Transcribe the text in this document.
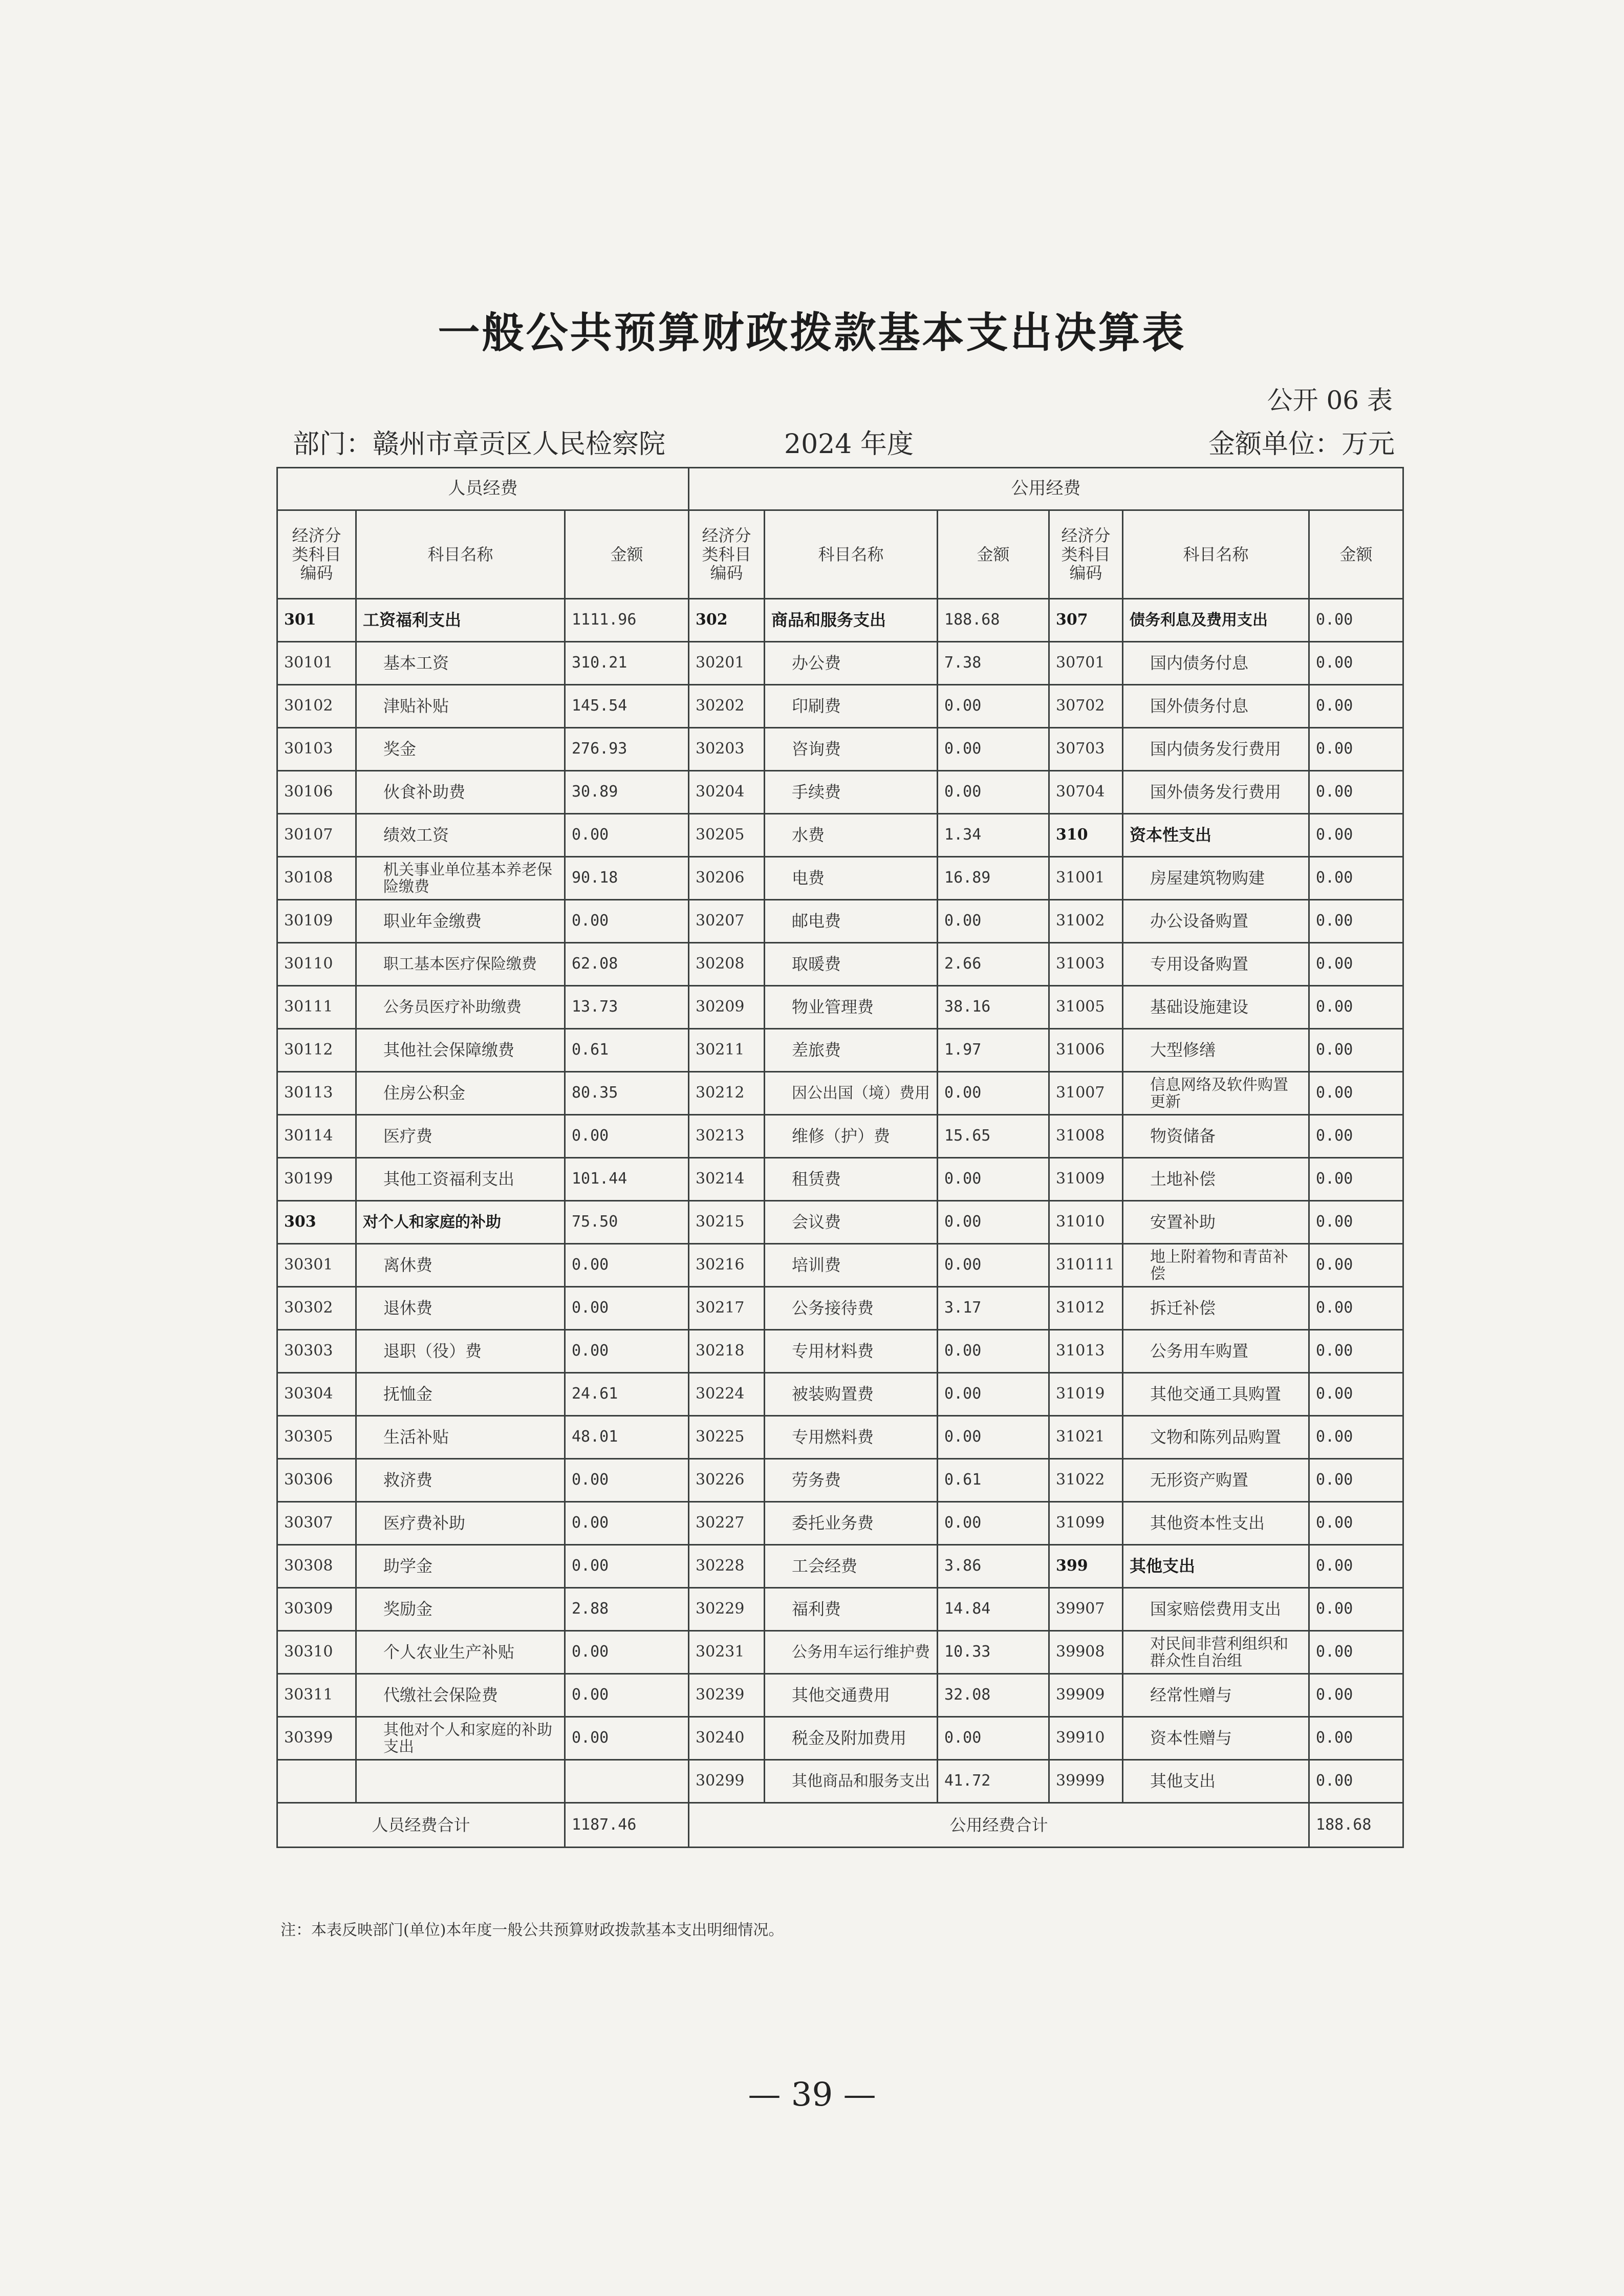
一般公共预算财政拨款基本支出决算表
公开 06 表
部门：赣州市章贡区人民检察院	2024 年度	金额单位：万元
人员经费			公用经费					
经济分类科目编码	科目名称	金额	经济分类科目编码	科目名称	金额	经济分类科目编码	科目名称	金额
301	工资福利支出	1111.96	302	商品和服务支出	188.68	307	债务利息及费用支出	0.00
30101	基本工资	310.21	30201	办公费	7.38	30701	国内债务付息	0.00
30102	津贴补贴	145.54	30202	印刷费	0.00	30702	国外债务付息	0.00
30103	奖金	276.93	30203	咨询费	0.00	30703	国内债务发行费用	0.00
30106	伙食补助费	30.89	30204	手续费	0.00	30704	国外债务发行费用	0.00
30107	绩效工资	0.00	30205	水费	1.34	310	资本性支出	0.00
30108	机关事业单位基本养老保险缴费	90.18	30206	电费	16.89	31001	房屋建筑物购建	0.00
30109	职业年金缴费	0.00	30207	邮电费	0.00	31002	办公设备购置	0.00
30110	职工基本医疗保险缴费	62.08	30208	取暖费	2.66	31003	专用设备购置	0.00
30111	公务员医疗补助缴费	13.73	30209	物业管理费	38.16	31005	基础设施建设	0.00
30112	其他社会保障缴费	0.61	30211	差旅费	1.97	31006	大型修缮	0.00
30113	住房公积金	80.35	30212	因公出国（境）费用	0.00	31007	信息网络及软件购置更新	0.00
30114	医疗费	0.00	30213	维修（护）费	15.65	31008	物资储备	0.00
30199	其他工资福利支出	101.44	30214	租赁费	0.00	31009	土地补偿	0.00
303	对个人和家庭的补助	75.50	30215	会议费	0.00	31010	安置补助	0.00
30301	离休费	0.00	30216	培训费	0.00	310111	地上附着物和青苗补偿	0.00
30302	退休费	0.00	30217	公务接待费	3.17	31012	拆迁补偿	0.00
30303	退职（役）费	0.00	30218	专用材料费	0.00	31013	公务用车购置	0.00
30304	抚恤金	24.61	30224	被装购置费	0.00	31019	其他交通工具购置	0.00
30305	生活补贴	48.01	30225	专用燃料费	0.00	31021	文物和陈列品购置	0.00
30306	救济费	0.00	30226	劳务费	0.61	31022	无形资产购置	0.00
30307	医疗费补助	0.00	30227	委托业务费	0.00	31099	其他资本性支出	0.00
30308	助学金	0.00	30228	工会经费	3.86	399	其他支出	0.00
30309	奖励金	2.88	30229	福利费	14.84	39907	国家赔偿费用支出	0.00
30310	个人农业生产补贴	0.00	30231	公务用车运行维护费	10.33	39908	对民间非营利组织和群众性自治组	0.00
30311	代缴社会保险费	0.00	30239	其他交通费用	32.08	39909	经常性赠与	0.00
30399	其他对个人和家庭的补助支出	0.00	30240	税金及附加费用	0.00	39910	资本性赠与	0.00
			30299	其他商品和服务支出	41.72	39999	其他支出	0.00
人员经费合计		1187.46	公用经费合计					188.68
注：本表反映部门(单位)本年度一般公共预算财政拨款基本支出明细情况。
— 39 —
